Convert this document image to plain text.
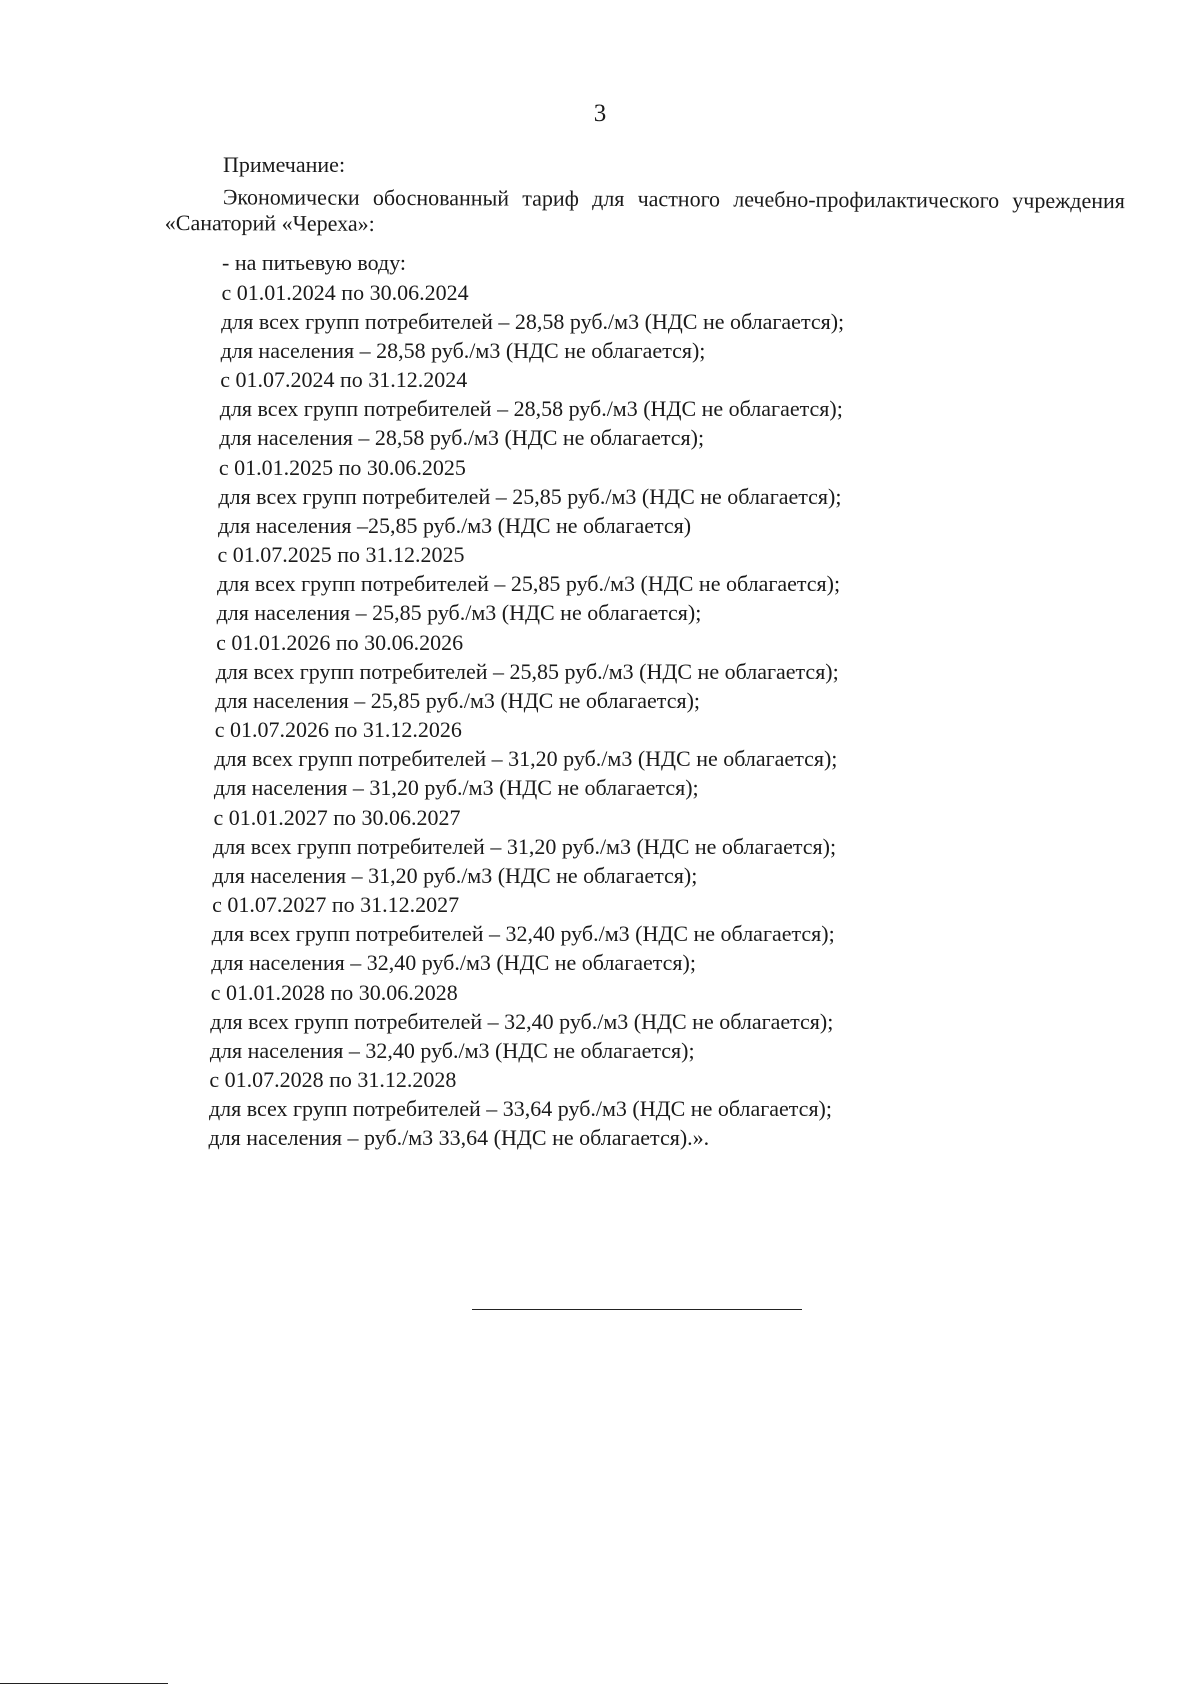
3
Примечание:
Экономически обоснованный тариф для частного лечебно-профилактического учреждения «Санаторий «Череха»:
- на питьевую воду:
с 01.01.2024 по 30.06.2024
для всех групп потребителей – 28,58 руб./м3 (НДС не облагается);
для населения – 28,58 руб./м3 (НДС не облагается);
с 01.07.2024 по 31.12.2024
для всех групп потребителей – 28,58 руб./м3 (НДС не облагается);
для населения – 28,58 руб./м3 (НДС не облагается);
с 01.01.2025 по 30.06.2025
для всех групп потребителей – 25,85 руб./м3 (НДС не облагается);
для населения –25,85 руб./м3 (НДС не облагается)
с 01.07.2025 по 31.12.2025
для всех групп потребителей – 25,85 руб./м3 (НДС не облагается);
для населения – 25,85 руб./м3 (НДС не облагается);
с 01.01.2026 по 30.06.2026
для всех групп потребителей – 25,85 руб./м3 (НДС не облагается);
для населения – 25,85 руб./м3 (НДС не облагается);
с 01.07.2026 по 31.12.2026
для всех групп потребителей – 31,20 руб./м3 (НДС не облагается);
для населения – 31,20 руб./м3 (НДС не облагается);
с 01.01.2027 по 30.06.2027
для всех групп потребителей – 31,20 руб./м3 (НДС не облагается);
для населения – 31,20 руб./м3 (НДС не облагается);
с 01.07.2027 по 31.12.2027
для всех групп потребителей – 32,40 руб./м3 (НДС не облагается);
для населения – 32,40 руб./м3 (НДС не облагается);
с 01.01.2028 по 30.06.2028
для всех групп потребителей – 32,40 руб./м3 (НДС не облагается);
для населения – 32,40 руб./м3 (НДС не облагается);
с 01.07.2028 по 31.12.2028
для всех групп потребителей – 33,64 руб./м3 (НДС не облагается);
для населения – руб./м3 33,64 (НДС не облагается).».
